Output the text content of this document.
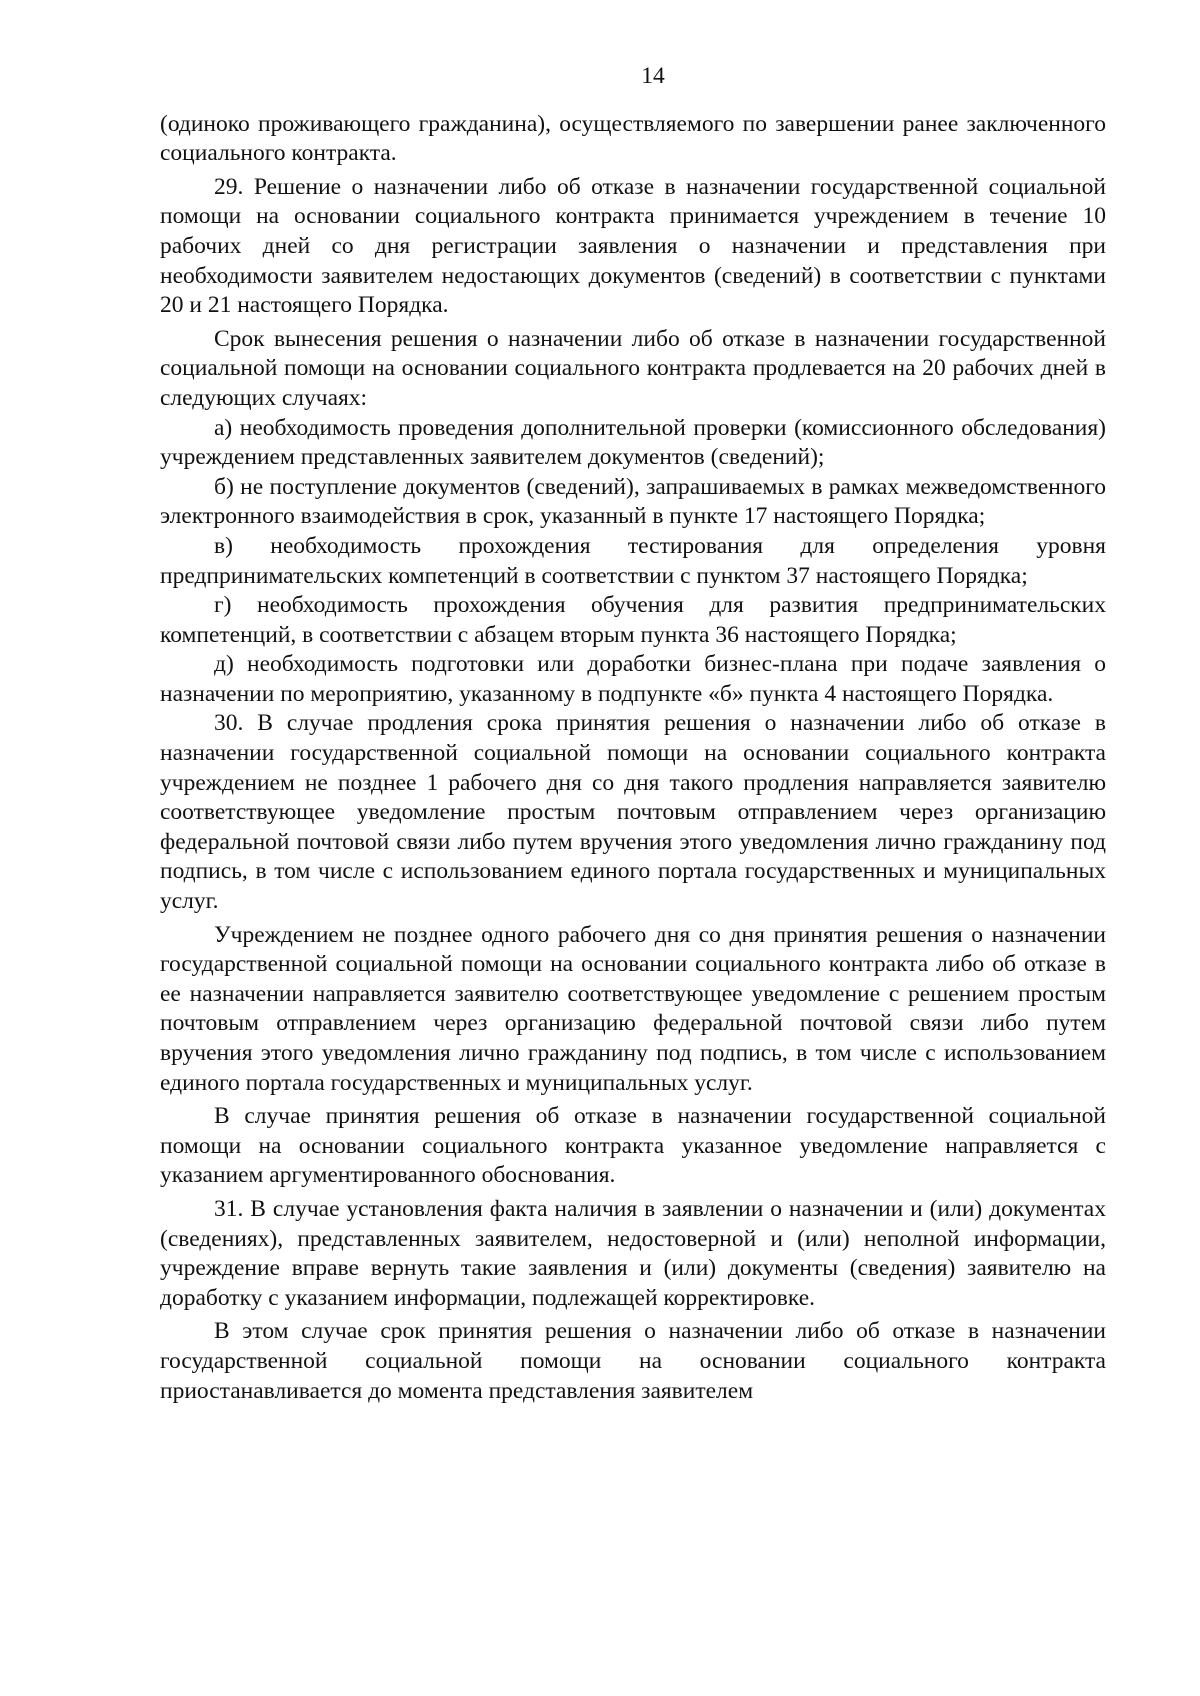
14

(одиноко проживающего гражданина), осуществляемого по завершении ранее заключенного социального контракта.

29. Решение о назначении либо об отказе в назначении государственной социальной помощи на основании социального контракта принимается учреждением в течение 10 рабочих дней со дня регистрации заявления о назначении и представления при необходимости заявителем недостающих документов (сведений) в соответствии с пунктами 20 и 21 настоящего Порядка.

Срок вынесения решения о назначении либо об отказе в назначении государственной социальной помощи на основании социального контракта продлевается на 20 рабочих дней в следующих случаях:

а) необходимость проведения дополнительной проверки (комиссионного обследования) учреждением представленных заявителем документов (сведений);

б) не поступление документов (сведений), запрашиваемых в рамках межведомственного электронного взаимодействия в срок, указанный в пункте 17 настоящего Порядка;

в) необходимость прохождения тестирования для определения уровня предпринимательских компетенций в соответствии с пунктом 37 настоящего Порядка;

г) необходимость прохождения обучения для развития предпринимательских компетенций, в соответствии с абзацем вторым пункта 36 настоящего Порядка;

д) необходимость подготовки или доработки бизнес-плана при подаче заявления о назначении по мероприятию, указанному в подпункте «б» пункта 4 настоящего Порядка.

30. В случае продления срока принятия решения о назначении либо об отказе в назначении государственной социальной помощи на основании социального контракта учреждением не позднее 1 рабочего дня со дня такого продления направляется заявителю соответствующее уведомление простым почтовым отправлением через организацию федеральной почтовой связи либо путем вручения этого уведомления лично гражданину под подпись, в том числе с использованием единого портала государственных и муниципальных услуг.

Учреждением не позднее одного рабочего дня со дня принятия решения о назначении государственной социальной помощи на основании социального контракта либо об отказе в ее назначении направляется заявителю соответствующее уведомление с решением простым почтовым отправлением через организацию федеральной почтовой связи либо путем вручения этого уведомления лично гражданину под подпись, в том числе с использованием единого портала государственных и муниципальных услуг.

В случае принятия решения об отказе в назначении государственной социальной помощи на основании социального контракта указанное уведомление направляется с указанием аргументированного обоснования.

31. В случае установления факта наличия в заявлении о назначении и (или) документах (сведениях), представленных заявителем, недостоверной и (или) неполной информации, учреждение вправе вернуть такие заявления и (или) документы (сведения) заявителю на доработку с указанием информации, подлежащей корректировке.

В этом случае срок принятия решения о назначении либо об отказе в назначении государственной социальной помощи на основании социального контракта приостанавливается до момента представления заявителем
